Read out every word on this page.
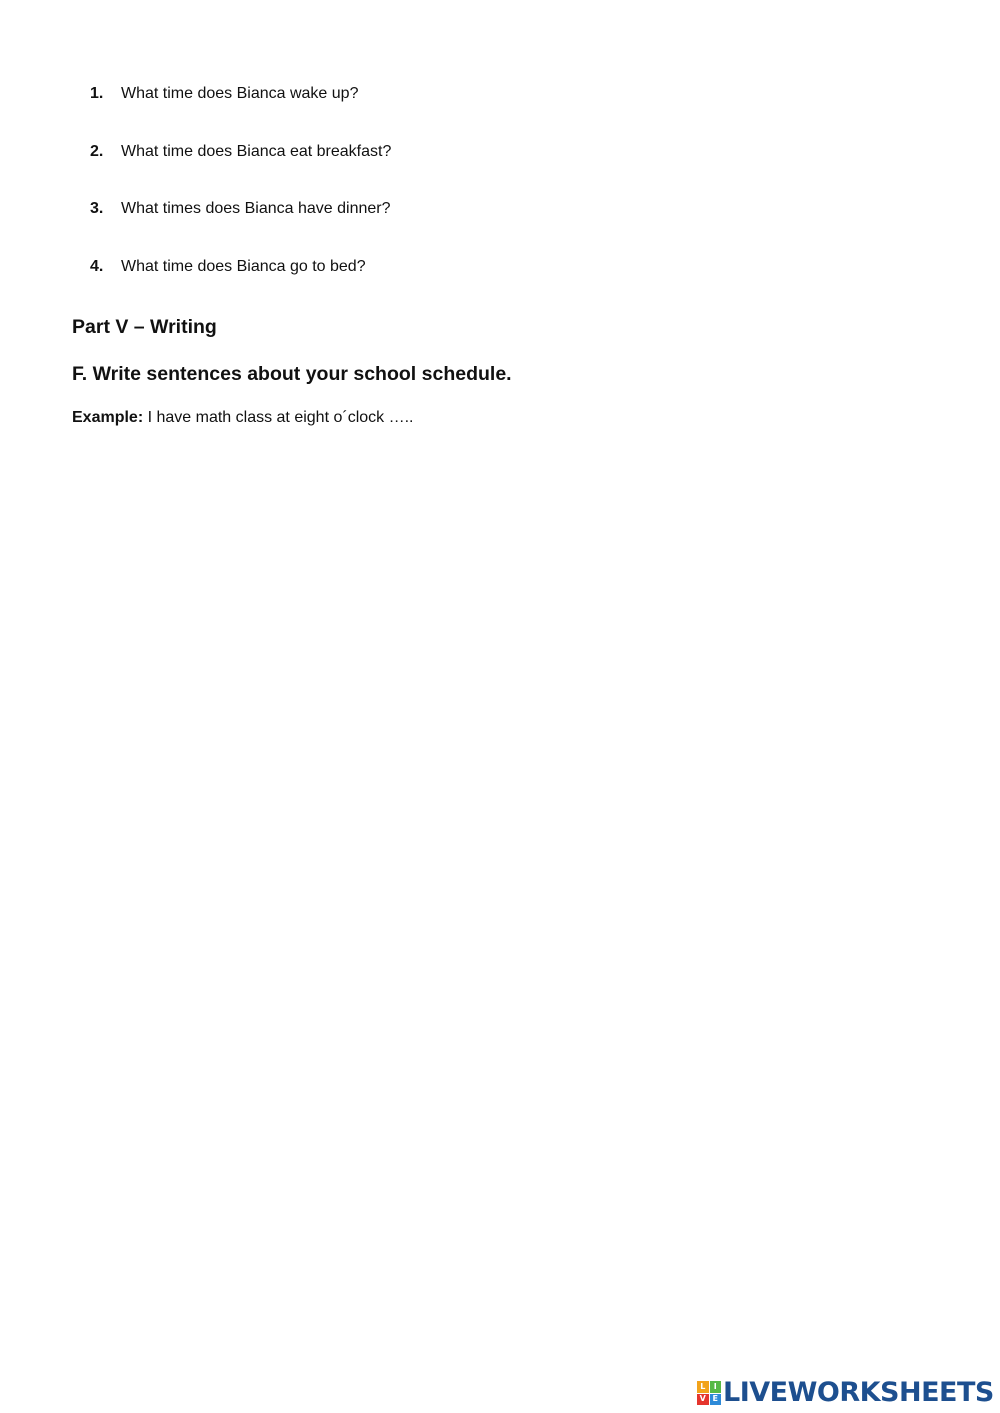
1. What time does Bianca wake up?
2. What time does Bianca eat breakfast?
3. What times does Bianca have dinner?
4. What time does Bianca go to bed?
Part V – Writing
F. Write sentences about your school schedule.
Example: I have math class at eight o´clock …..
L	I
V E LIVEWORKSHEETS
